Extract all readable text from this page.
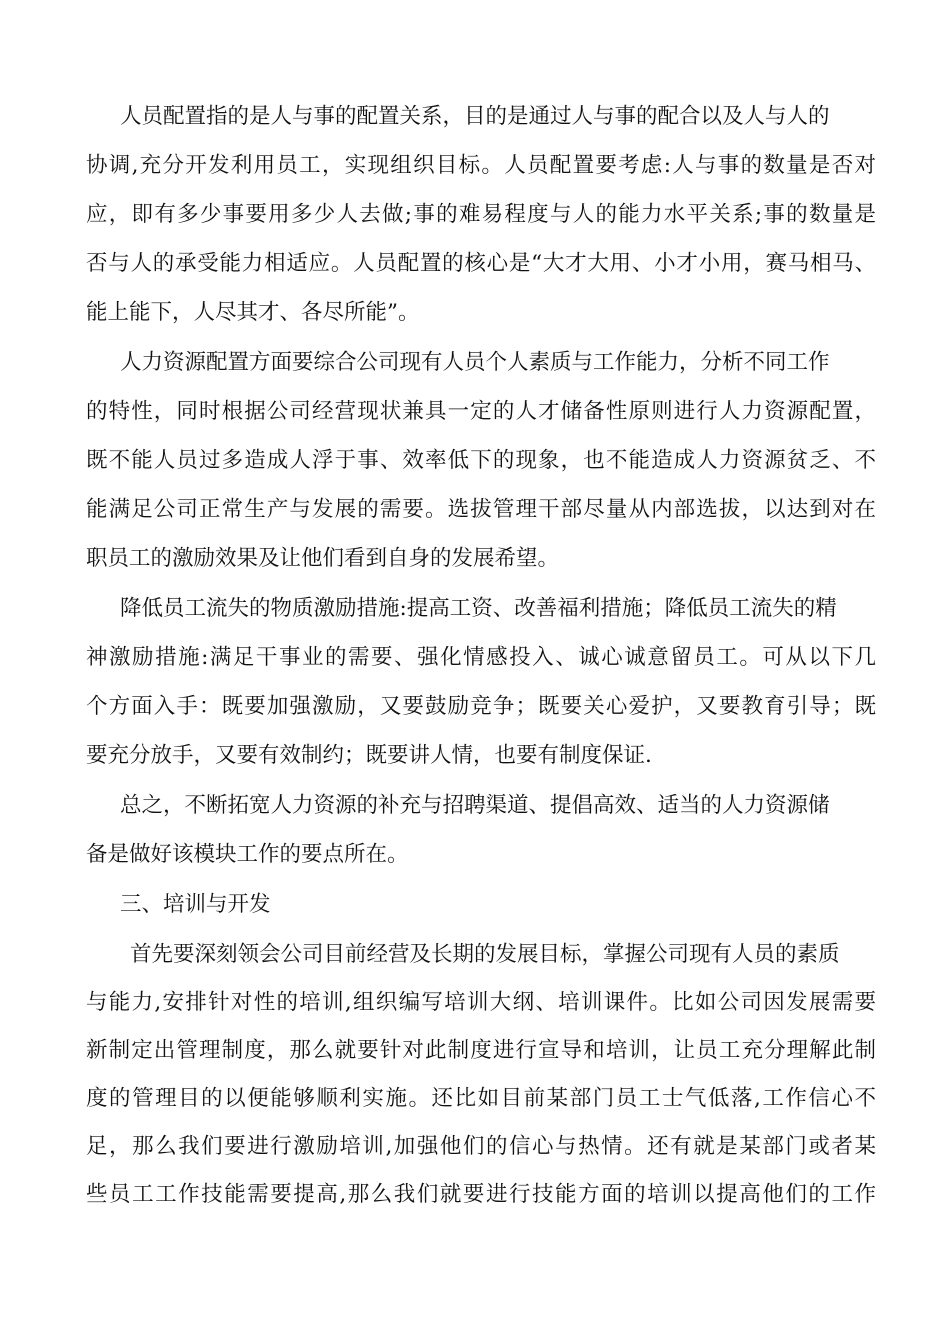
人员配置指的是人与事的配置关系，目的是通过人与事的配合以及人与人的
协调,充分开发利用员工，实现组织目标。人员配置要考虑:人与事的数量是否对
应，即有多少事要用多少人去做;事的难易程度与人的能力水平关系;事的数量是
否与人的承受能力相适应。人员配置的核心是“大才大用、小才小用，赛马相马、
能上能下，人尽其才、各尽所能”。
人力资源配置方面要综合公司现有人员个人素质与工作能力，分析不同工作
的特性，同时根据公司经营现状兼具一定的人才储备性原则进行人力资源配置，
既不能人员过多造成人浮于事、效率低下的现象，也不能造成人力资源贫乏、不
能满足公司正常生产与发展的需要。选拔管理干部尽量从内部选拔，以达到对在
职员工的激励效果及让他们看到自身的发展希望。
降低员工流失的物质激励措施:提高工资、改善福利措施；降低员工流失的精
神激励措施:满足干事业的需要、强化情感投入、诚心诚意留员工。可从以下几
个方面入手：既要加强激励，又要鼓励竞争；既要关心爱护，又要教育引导；既
要充分放手，又要有效制约；既要讲人情，也要有制度保证.
总之，不断拓宽人力资源的补充与招聘渠道、提倡高效、适当的人力资源储
备是做好该模块工作的要点所在。
三、培训与开发
首先要深刻领会公司目前经营及长期的发展目标，掌握公司现有人员的素质
与能力,安排针对性的培训,组织编写培训大纲、培训课件。比如公司因发展需要
新制定出管理制度，那么就要针对此制度进行宣导和培训，让员工充分理解此制
度的管理目的以便能够顺利实施。还比如目前某部门员工士气低落,工作信心不
足，那么我们要进行激励培训,加强他们的信心与热情。还有就是某部门或者某
些员工工作技能需要提高,那么我们就要进行技能方面的培训以提高他们的工作
